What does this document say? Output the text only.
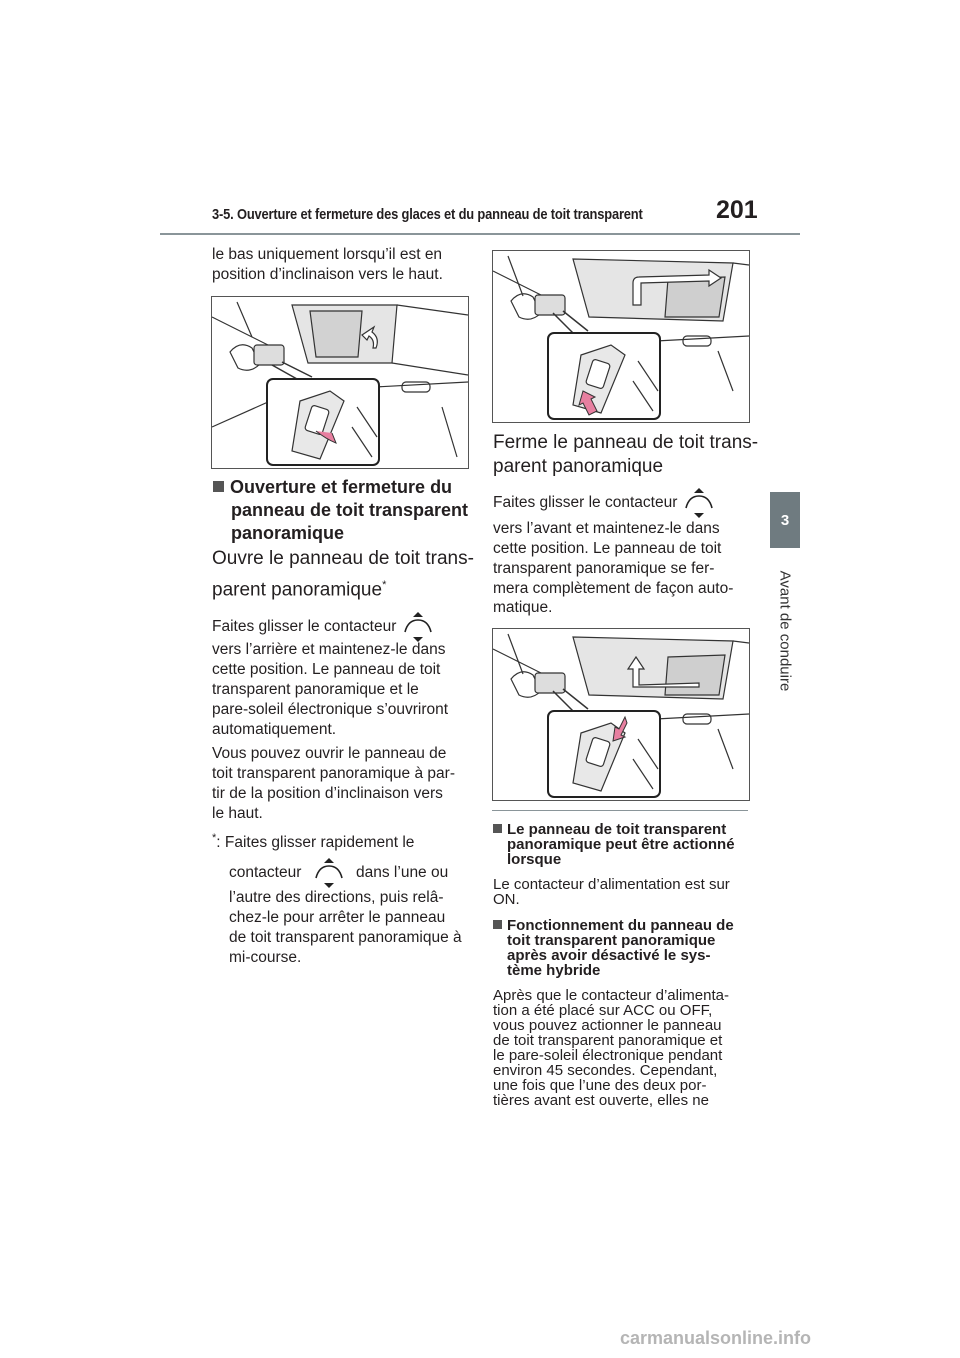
3-5. Ouverture et fermeture des glaces et du panneau de toit transparent	201
3
Avant de conduire
le bas uniquement lorsqu’il est en
position d’inclinaison vers le haut.
Ouverture et fermeture du
panneau de toit transparent
panoramique
Ouvre le panneau de toit trans-
parent panoramique*
Faites glisser le contacteur
vers l’arrière et maintenez-le dans
cette position. Le panneau de toit
transparent panoramique et le
pare-soleil électronique s’ouvriront
automatiquement.
Vous pouvez ouvrir le panneau de
toit transparent panoramique à par-
tir de la position d’inclinaison vers
le haut.
*: Faites glisser rapidement le
contacteur	dans l’une ou
l’autre des directions, puis relâ-
chez-le pour arrêter le panneau
de toit transparent panoramique à
mi-course.
Ferme le panneau de toit trans-
parent panoramique
Faites glisser le contacteur
vers l’avant et maintenez-le dans
cette position. Le panneau de toit
transparent panoramique se fer-
mera complètement de façon auto-
matique.
Le panneau de toit transparent
panoramique peut être actionné
lorsque
Le contacteur d’alimentation est sur
ON.
Fonctionnement du panneau de
toit transparent panoramique
après avoir désactivé le sys-
tème hybride
Après que le contacteur d’alimenta-
tion a été placé sur ACC ou OFF,
vous pouvez actionner le panneau
de toit transparent panoramique et
le pare-soleil électronique pendant
environ 45 secondes. Cependant,
une fois que l’une des deux por-
tières avant est ouverte, elles ne
carmanualsonline.info
